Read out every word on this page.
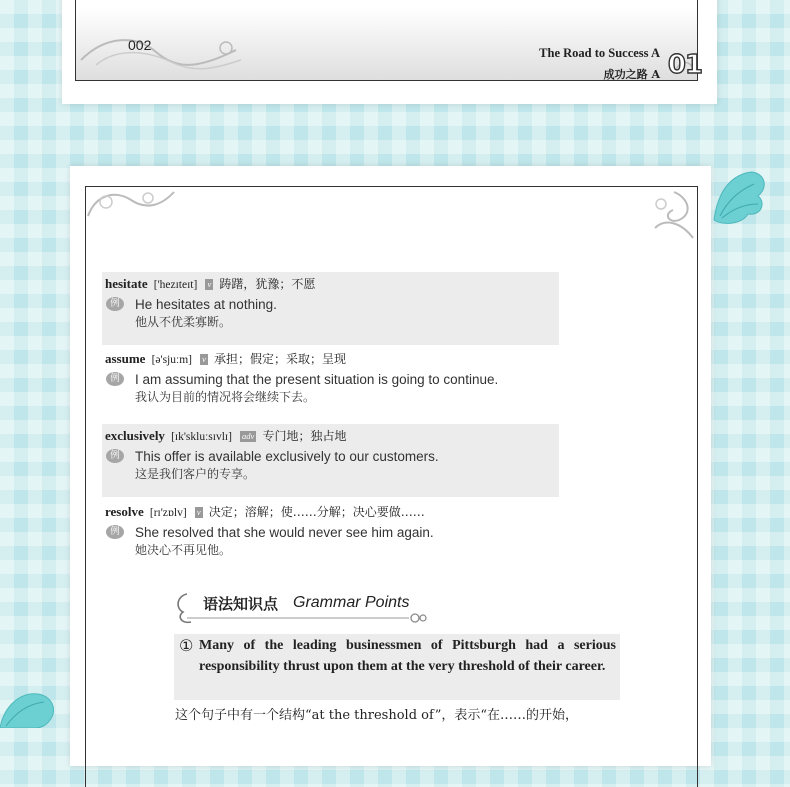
002	The Road to Success A
成功之路 A 01
hesitate ['hezɪteɪt] v 踌躇，犹豫；不愿
例	He hesitates at nothing.
他从不优柔寡断。
assume [ə'sjuːm] v 承担；假定；采取；呈现
例	I am assuming that the present situation is going to continue.
我认为目前的情况将会继续下去。
exclusively [ɪk'skluːsɪvlɪ] adv 专门地；独占地
例	This offer is available exclusively to our customers.
这是我们客户的专享。
resolve [rɪ'zɒlv] v 决定；溶解；使……分解；决心要做……
例	She resolved that she would never see him again.
她决心不再见他。
语法知识点 Grammar Points
① Many of the leading businessmen of Pittsburgh had a serious responsibility thrust upon them at the very threshold of their career.
这个句子中有一个结构“at the threshold of”，表示“在……的开始，
